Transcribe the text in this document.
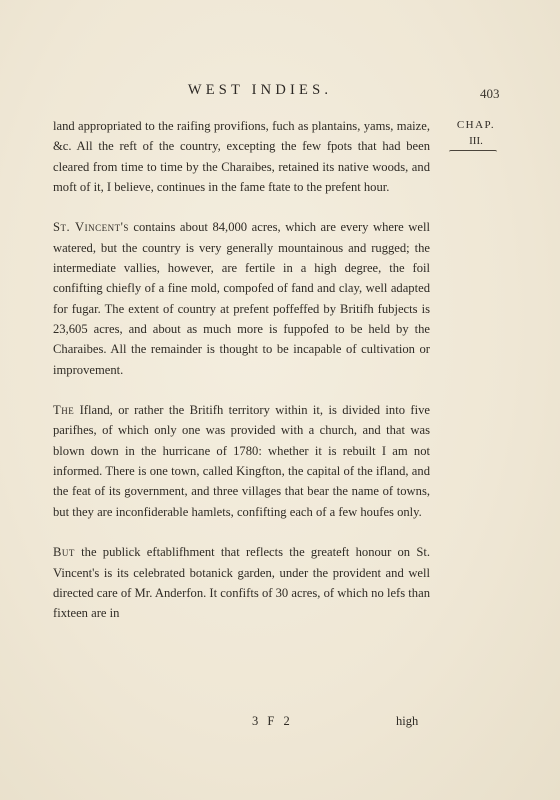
WEST INDIES.	403
CHAP.
III.

land appropriated to the raifing provifions, fuch as plantains, yams, maize, &c. All the reft of the country, excepting the few fpots that had been cleared from time to time by the Charaibes, retained its native woods, and moft of it, I believe, continues in the fame ftate to the prefent hour.

St. Vincent's contains about 84,000 acres, which are every where well watered, but the country is very generally mountainous and rugged; the intermediate vallies, however, are fertile in a high degree, the foil confifting chiefly of a fine mold, compofed of fand and clay, well adapted for fugar. The extent of country at prefent poffeffed by Britifh fubjects is 23,605 acres, and about as much more is fuppofed to be held by the Charaibes. All the remainder is thought to be incapable of cultivation or improvement.

The Ifland, or rather the Britifh territory within it, is divided into five parifhes, of which only one was provided with a church, and that was blown down in the hurricane of 1780: whether it is rebuilt I am not informed. There is one town, called Kingfton, the capital of the ifland, and the feat of its government, and three villages that bear the name of towns, but they are inconfiderable hamlets, confifting each of a few houfes only.

But the publick eftablifhment that reflects the greateft honour on St. Vincent's is its celebrated botanick garden, under the provident and well directed care of Mr. Anderfon. It confifts of 30 acres, of which no lefs than fixteen are in

3 F 2	high
